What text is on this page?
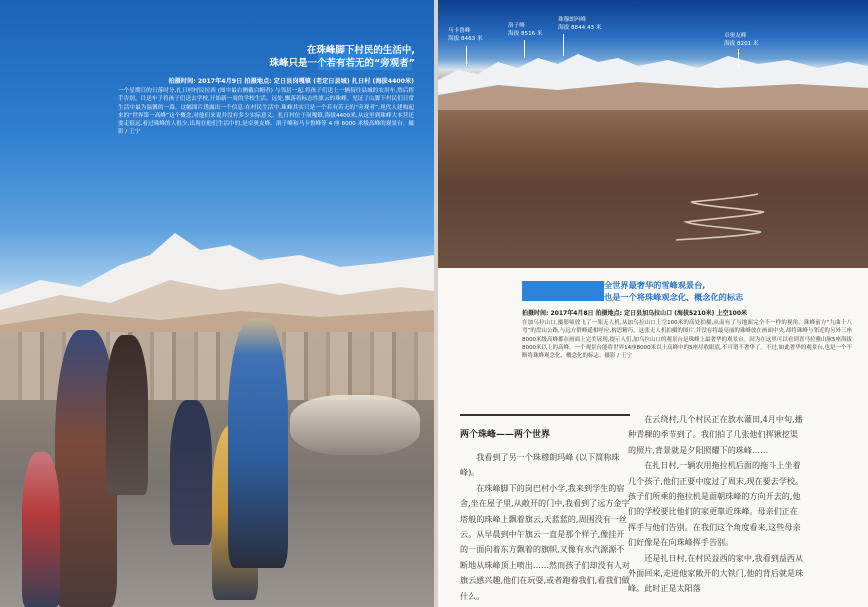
在珠峰脚下村民的生活中,

珠峰只是一个若有若无的“旁观者”

拍摄时间: 2017年4月9日 拍摄地点: 定日县岗嘎镇 (老定日县城) 扎日村 (海拔4400米)
一个星期日的日落时分,扎日村村民拉西 (图中最右侧戴白帽者) 与邻居一起,将孩子们送上一辆接往县城的农用车,然后挥手告别。目送车子将孩子们送去学校,开始新一周的学校生活。远处,飘落着标志性旗云的珠峰。见证了山脚下村民们日常生活中最为温馨的一幕。这幅图片透露出一个信息:在村民生活中,珠峰其实只是一个若有若无的“旁观者”,现代人建构起来的“世界第一高峰”这个概念,对他们来说并没有多少实际意义。扎日村位于岗嘎镇,海拔4400米,从这里到珠峰大本营还要走很远,看过珠峰的人很少,出现在他们生活中的,是卓奥友峰、洛子峰和马卡鲁峰等 4 座 8000 米级高峰的观景台。摄影 / 王宁
马卡鲁峰
海拔 8463 米
洛子峰
海拔 8516 米
珠穆朗玛峰
海拔 8844.43 米
卓奥友峰
海拔 8201 米
全世界最奢华的雪峰观景台,
也是一个将珠峰观念化、概念化的标志
拍摄时间: 2017年4月8日 拍摄地点: 定日县加乌拉山口 (海拔5210米) 上空100米
在加乌拉山口,摄影师放飞了一架无人机,从加乌拉山口上空100米的高处拍摄,从而有了与地面完全不一样的视角。珠峰前方“九曲十八弯”的盘山公路,与远方群峰遥相呼应,构思精巧。这张无人机拍摄的图片,并没有将最亮丽的珠峰放在画面中央,却将珠峰与邻近的另外三座8000米级高峰都在画面上完美展现,提示人们,加乌拉山口的观景台是珠峰上最奢华的观景台。因为在这里可以看到喜马拉雅山脉5座海拔8000米以上的高峰。一个观景台能将世界14座8000米以上高峰中的5座尽收眼底,不可谓不奢华了。不过,如此奢华的观景台,也是一个不断将珠峰观念化、概念化的标志。摄影 / 王宁
两个珠峰——两个世界

我看到了另一个珠穆朗玛峰 (以下简称珠峰)。

在珠峰脚下的岗巴村小学,我来到学生的宿舍,坐在屋子里,从敞开的门中,我看到了远方金字塔般的珠峰上飘着旗云,天蓝蓝的,周围没有一丝云。从早晨到中午旗云一直是那个样子,像挂开的一面向着东方飘着的旗帜,又像有水汽源源不断地从珠峰顶上喷出……然而孩子们却没有人对旗云感兴趣,他们在玩耍,或者跑着我们,看我们做什么。

在云绕村,几个村民正在放水灌田,4月中旬,播种青稞的季节到了。我们拍了几张他们挥锹挖渠的照片,背景就是夕阳照耀下的珠峰……

在扎日村,一辆农用拖拉机后面的拖斗上坐着几个孩子,他们正要中度过了周末,现在要去学校。孩子们所乘的拖拉机是面朝珠峰的方向开去的,他们的学校要比他们的家更靠近珠峰。母亲们正在挥手与他们告别。在我们这个角度看来,这些母亲们好像是在向珠峰挥手告别。

还是扎日村,在村民益西的家中,我看到益西从外面回来,走进他家敞开的大铁门,他的背后就是珠峰。此时正是太阳落
